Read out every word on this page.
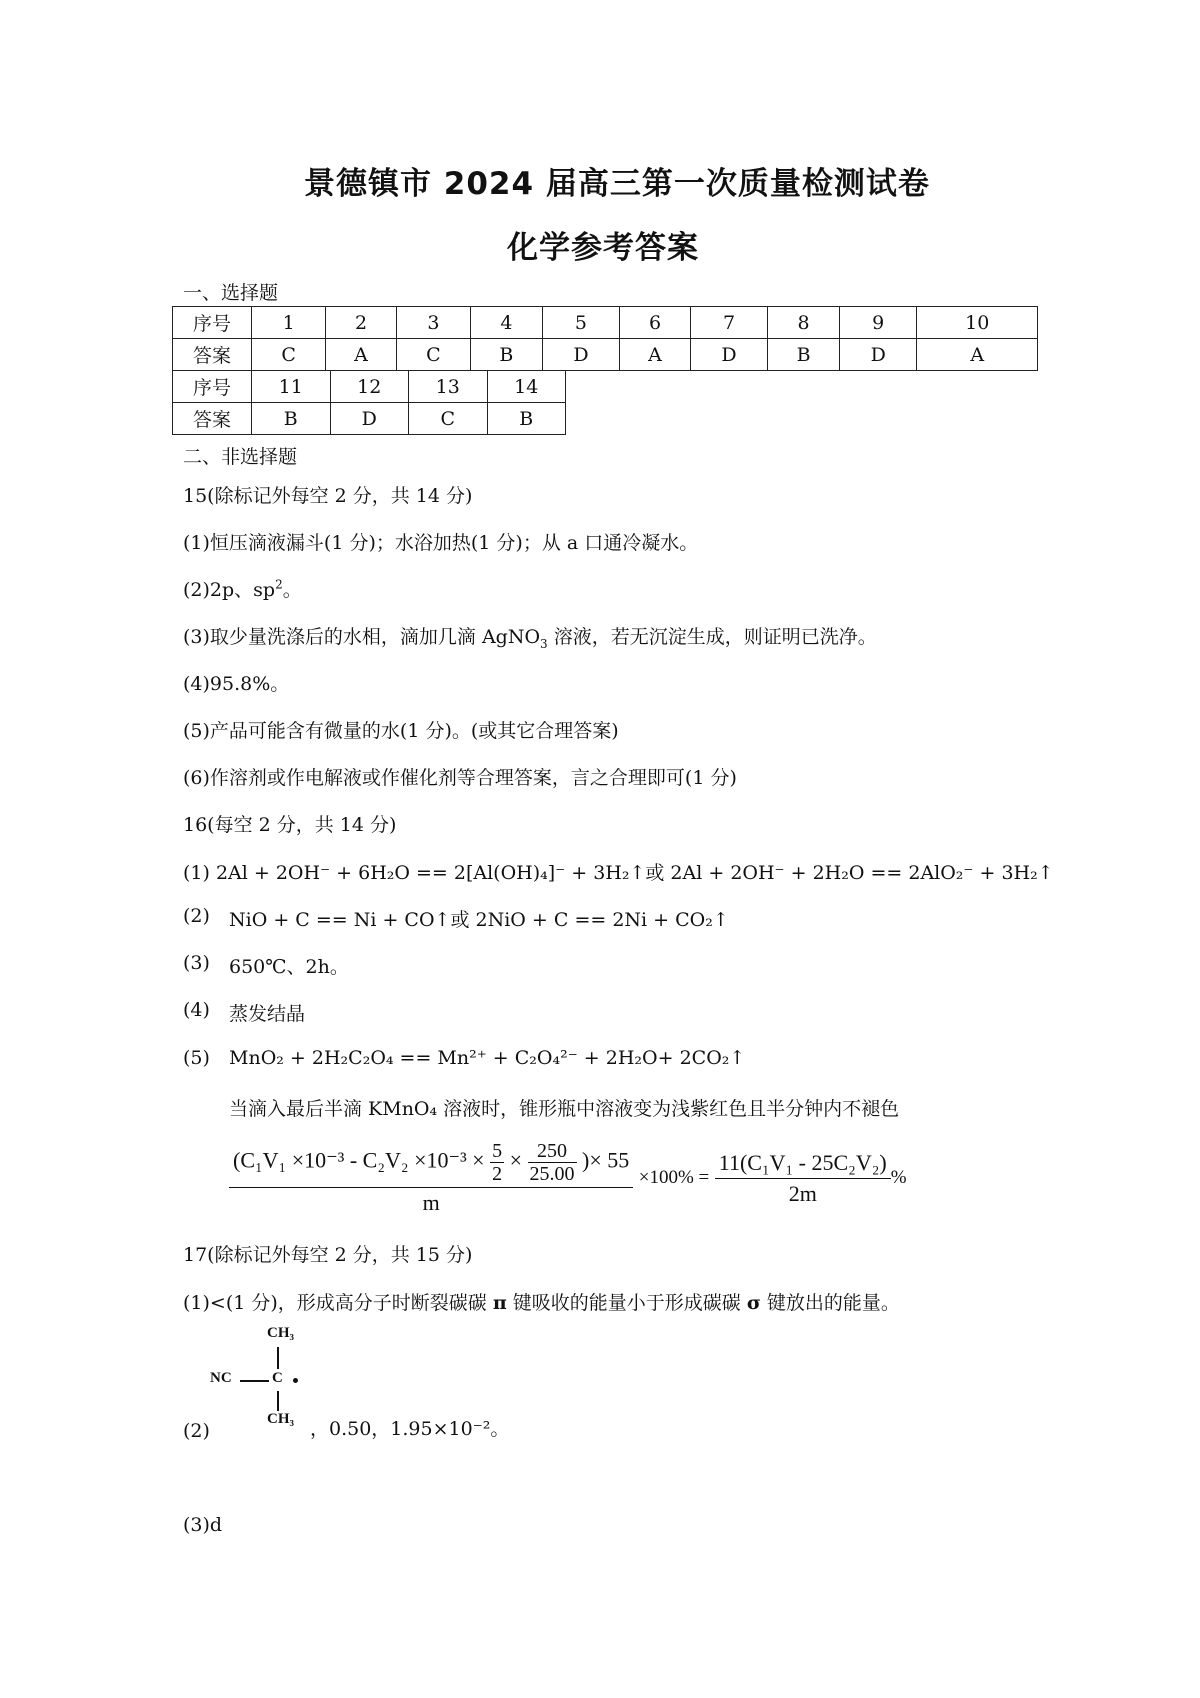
景德镇市 2024 届高三第一次质量检测试卷
化学参考答案
一、选择题
序号	1	2	3	4	5	6	7	8	9	10
答案	C	A	C	B	D	A	D	B	D	A
序号	11	12	13	14
答案	B	D	C	B
二、非选择题
15(除标记外每空 2 分，共 14 分)
(1)恒压滴液漏斗(1 分)；水浴加热(1 分)；从 a 口通冷凝水。
(2)2p、$sp^2$。
(3)取少量洗涤后的水相，滴加几滴 AgNO$_3$ 溶液，若无沉淀生成，则证明已洗净。
(4)95.8%。
(5)产品可能含有微量的水(1 分)。(或其它合理答案)
(6)作溶剂或作电解液或作催化剂等合理答案，言之合理即可(1 分)
16(每空 2 分，共 14 分)
(1) 2Al + 2OH⁻ + 6H₂O == 2[Al(OH)₄]⁻ + 3H₂↑或 2Al + 2OH⁻ + 2H₂O == 2AlO₂⁻ + 3H₂↑
(2) NiO + C == Ni + CO↑或 2NiO + C == 2Ni + CO₂↑
(3) 650℃、2h。
(4) 蒸发结晶
(5) MnO₂ + 2H₂C₂O₄ == Mn²⁺ + C₂O₄²⁻ + 2H₂O+ 2CO₂↑
当滴入最后半滴 KMnO₄ 溶液时，锥形瓶中溶液变为浅紫红色且半分钟内不褪色
($C_1V_1 \times 10^{-3} - C_2V_2 \times 10^{-3} \times \frac{5}{2} \times \frac{250}{25.00}$ )× 55
m
$\times 100\% = \frac{\text{11(C₁V₁ - 25C₂V₂)}}{2m}$ %
17(除标记外每空 2 分，共 15 分)
(1)<(1 分)，形成高分子时断裂碳碳 π 键吸收的能量小于形成碳碳 σ 键放出的能量。
CH₃
NC	C
CH₃
(2)	，0.50，1.95×10⁻²。
(3)d
